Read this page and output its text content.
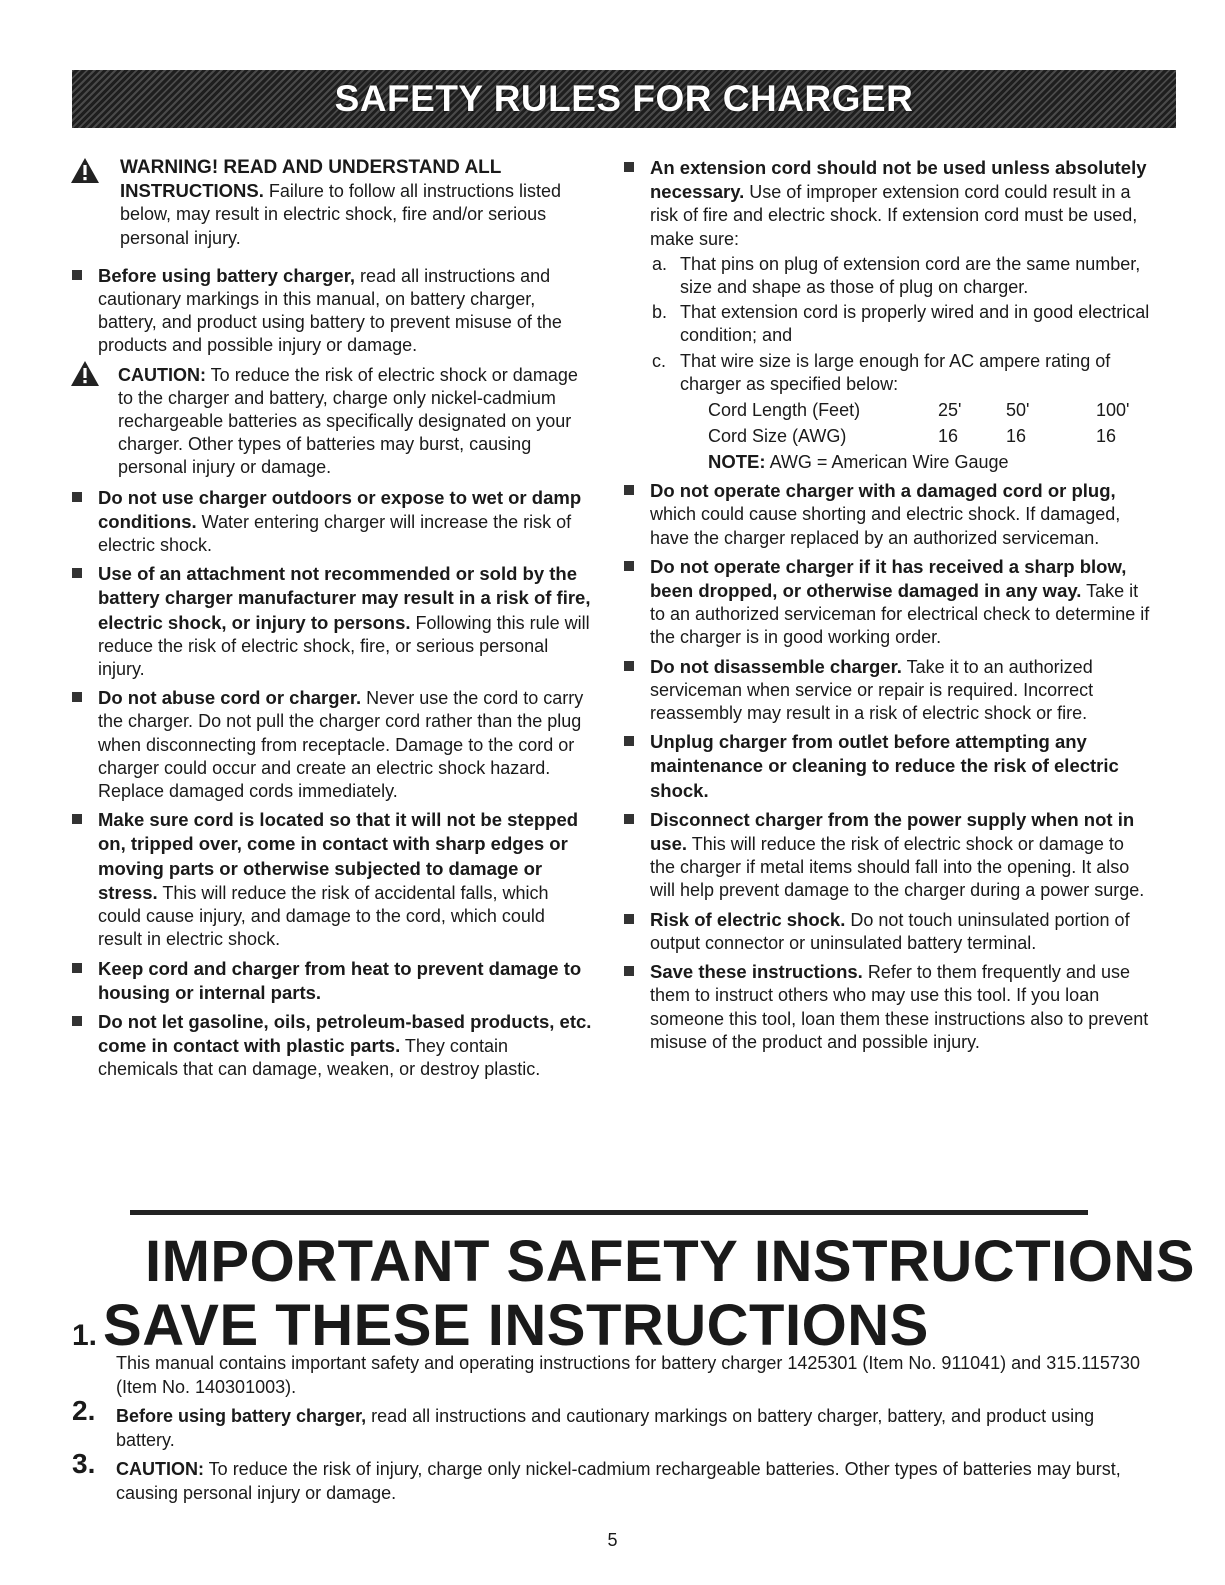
SAFETY RULES FOR CHARGER
WARNING! READ AND UNDERSTAND ALL
INSTRUCTIONS. Failure to follow all instructions listed below, may result in electric shock, fire and/or serious personal injury.
Before using battery charger, read all instructions and cautionary markings in this manual, on battery charger, battery, and product using battery to prevent misuse of the products and possible injury or damage.
CAUTION: To reduce the risk of electric shock or damage to the charger and battery, charge only nickel-cadmium rechargeable batteries as specifically designated on your charger. Other types of batteries may burst, causing personal injury or damage.
Do not use charger outdoors or expose to wet or damp conditions. Water entering charger will increase the risk of electric shock.
Use of an attachment not recommended or sold by the battery charger manufacturer may result in a risk of fire, electric shock, or injury to persons. Following this rule will reduce the risk of electric shock, fire, or serious personal injury.
Do not abuse cord or charger. Never use the cord to carry the charger. Do not pull the charger cord rather than the plug when disconnecting from receptacle. Damage to the cord or charger could occur and create an electric shock hazard. Replace damaged cords immediately.
Make sure cord is located so that it will not be stepped on, tripped over, come in contact with sharp edges or moving parts or otherwise subjected to damage or stress. This will reduce the risk of accidental falls, which could cause injury, and damage to the cord, which could result in electric shock.
Keep cord and charger from heat to prevent damage to housing or internal parts.
Do not let gasoline, oils, petroleum-based products, etc. come in contact with plastic parts. They contain chemicals that can damage, weaken, or destroy plastic.
An extension cord should not be used unless absolutely necessary. Use of improper extension cord could result in a risk of fire and electric shock. If extension cord must be used, make sure:
a. That pins on plug of extension cord are the same number, size and shape as those of plug on charger.
b. That extension cord is properly wired and in good electrical condition; and
c. That wire size is large enough for AC ampere rating of charger as specified below:
Cord Length (Feet)	25'	50'	100'
Cord Size (AWG)	16	16	16
NOTE: AWG = American Wire Gauge
Do not operate charger with a damaged cord or plug, which could cause shorting and electric shock. If damaged, have the charger replaced by an authorized serviceman.
Do not operate charger if it has received a sharp blow, been dropped, or otherwise damaged in any way. Take it to an authorized serviceman for electrical check to determine if the charger is in good working order.
Do not disassemble charger. Take it to an authorized serviceman when service or repair is required. Incorrect reassembly may result in a risk of electric shock or fire.
Unplug charger from outlet before attempting any maintenance or cleaning to reduce the risk of electric shock.
Disconnect charger from the power supply when not in use. This will reduce the risk of electric shock or damage to the charger if metal items should fall into the opening. It also will help prevent damage to the charger during a power surge.
Risk of electric shock. Do not touch uninsulated portion of output connector or uninsulated battery terminal.
Save these instructions. Refer to them frequently and use them to instruct others who may use this tool. If you loan someone this tool, loan them these instructions also to prevent misuse of the product and possible injury.
IMPORTANT SAFETY INSTRUCTIONS
1. SAVE THESE INSTRUCTIONS
This manual contains important safety and operating instructions for battery charger 1425301 (Item No. 911041) and 315.115730 (Item No. 140301003).
2. Before using battery charger, read all instructions and cautionary markings on battery charger, battery, and product using battery.
3. CAUTION: To reduce the risk of injury, charge only nickel-cadmium rechargeable batteries. Other types of batteries may burst, causing personal injury or damage.
5
